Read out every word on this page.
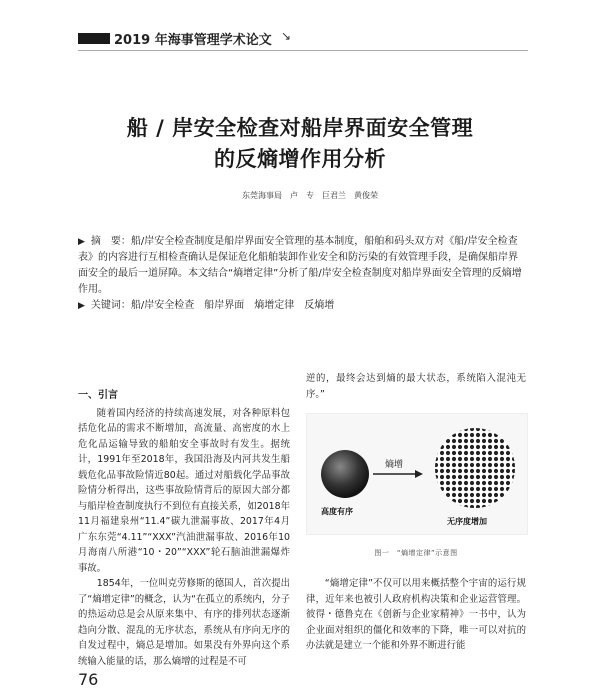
2019 年海事管理学术论文 ↘
船 / 岸安全检查对船岸界面安全管理
的反熵增作用分析
东莞海事局　卢　专　巨君兰　黄俊荣
▶ 摘　要：船/岸安全检查制度是船岸界面安全管理的基本制度，船舶和码头双方对《船/岸安全检查表》的内容进行互相检查确认是保证危化船舶装卸作业安全和防污染的有效管理手段，是确保船岸界面安全的最后一道屏障。本文结合“熵增定律”分析了船/岸安全检查制度对船岸界面安全管理的反熵增作用。
▶ 关键词：船/岸安全检查　船岸界面　熵增定律　反熵增
一、引言

随着国内经济的持续高速发展，对各种原料包括危化品的需求不断增加，高流量、高密度的水上危化品运输导致的船舶安全事故时有发生。据统计，1991年至2018年，我国沿海及内河共发生船载危化品事故险情近80起。通过对船载化学品事故险情分析得出，这些事故险情背后的原因大部分都与船岸检查制度执行不到位有直接关系，如2018年11月福建泉州“11.4”碳九泄漏事故、2017年4月广东东莞“4.11”“XXX”汽油泄漏事故、2016年10月海南八所港“10・20”“XXX”轮石脑油泄漏爆炸事故。

1854年，一位叫克劳修斯的德国人，首次提出了“熵增定律”的概念，认为“在孤立的系统内，分子的热运动总是会从原来集中、有序的排列状态逐渐趋向分散、混乱的无序状态，系统从有序向无序的自发过程中，熵总是增加。如果没有外界向这个系统输入能量的话，那么熵增的过程是不可

逆的，最终会达到熵的最大状态，系统陷入混沌无序。”

熵增
高度有序
无序度增加
图一　“熵增定律”示意图

“熵增定律”不仅可以用来概括整个宇宙的运行规律，近年来也被引人政府机构决策和企业运营管理。彼得・德鲁克在《创新与企业家精神》一书中，认为企业面对组织的僵化和效率的下降，唯一可以对抗的办法就是建立一个能和外界不断进行能

76
